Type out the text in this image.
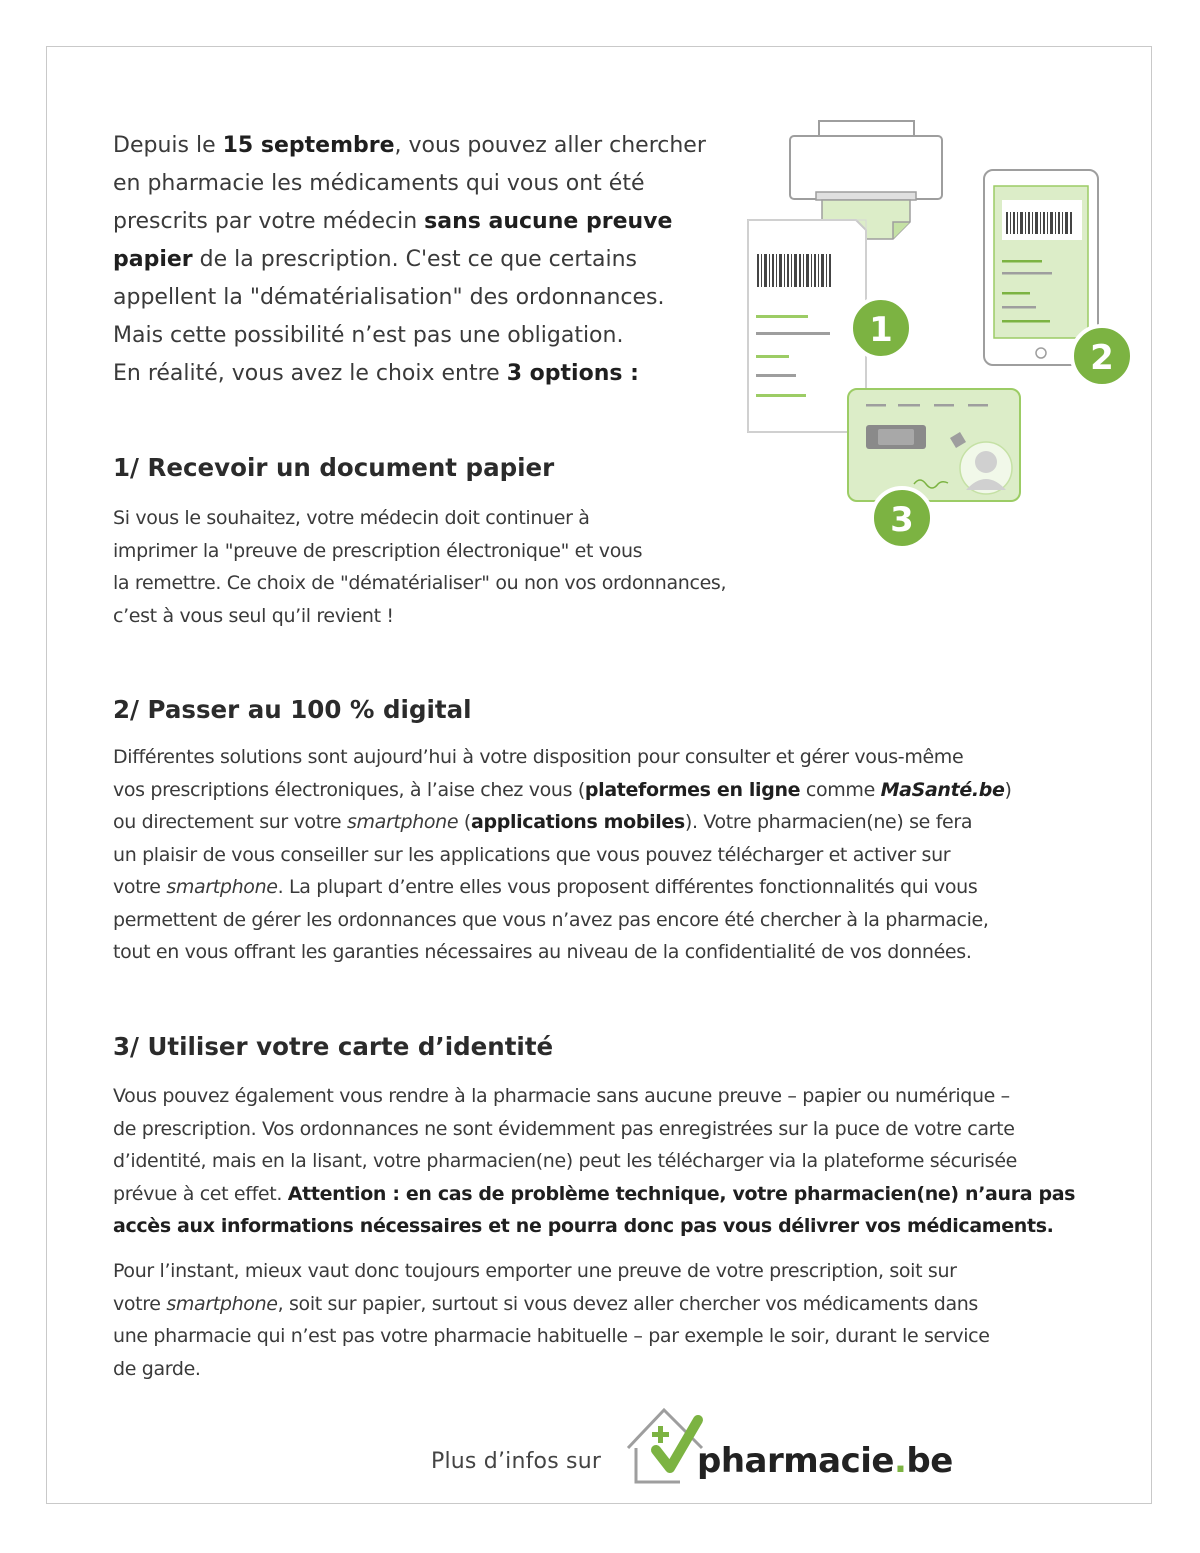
Depuis le 15 septembre, vous pouvez aller chercher

en pharmacie les médicaments qui vous ont été

prescrits par votre médecin sans aucune preuve

papier de la prescription. C'est ce que certains

appellent la "dématérialisation" des ordonnances.

Mais cette possibilité n’est pas une obligation.

En réalité, vous avez le choix entre 3 options :

1
2
3
1/ Recevoir un document papier

Si vous le souhaitez, votre médecin doit continuer à

imprimer la "preuve de prescription électronique" et vous

la remettre. Ce choix de "dématérialiser" ou non vos ordonnances,

c’est à vous seul qu’il revient !

2/ Passer au 100 % digital

Différentes solutions sont aujourd’hui à votre disposition pour consulter et gérer vous-même

vos prescriptions électroniques, à l’aise chez vous (plateformes en ligne comme MaSanté.be)

ou directement sur votre smartphone (applications mobiles). Votre pharmacien(ne) se fera

un plaisir de vous conseiller sur les applications que vous pouvez télécharger et activer sur

votre smartphone. La plupart d’entre elles vous proposent différentes fonctionnalités qui vous

permettent de gérer les ordonnances que vous n’avez pas encore été chercher à la pharmacie,

tout en vous offrant les garanties nécessaires au niveau de la confidentialité de vos données.

3/ Utiliser votre carte d’identité

Vous pouvez également vous rendre à la pharmacie sans aucune preuve – papier ou numérique –

de prescription. Vos ordonnances ne sont évidemment pas enregistrées sur la puce de votre carte

d’identité, mais en la lisant, votre pharmacien(ne) peut les télécharger via la plateforme sécurisée

prévue à cet effet. Attention : en cas de problème technique, votre pharmacien(ne) n’aura pas

accès aux informations nécessaires et ne pourra donc pas vous délivrer vos médicaments.

Pour l’instant, mieux vaut donc toujours emporter une preuve de votre prescription, soit sur

votre smartphone, soit sur papier, surtout si vous devez aller chercher vos médicaments dans

une pharmacie qui n’est pas votre pharmacie habituelle – par exemple le soir, durant le service

de garde.

Plus d’infos sur	pharmacie.be
